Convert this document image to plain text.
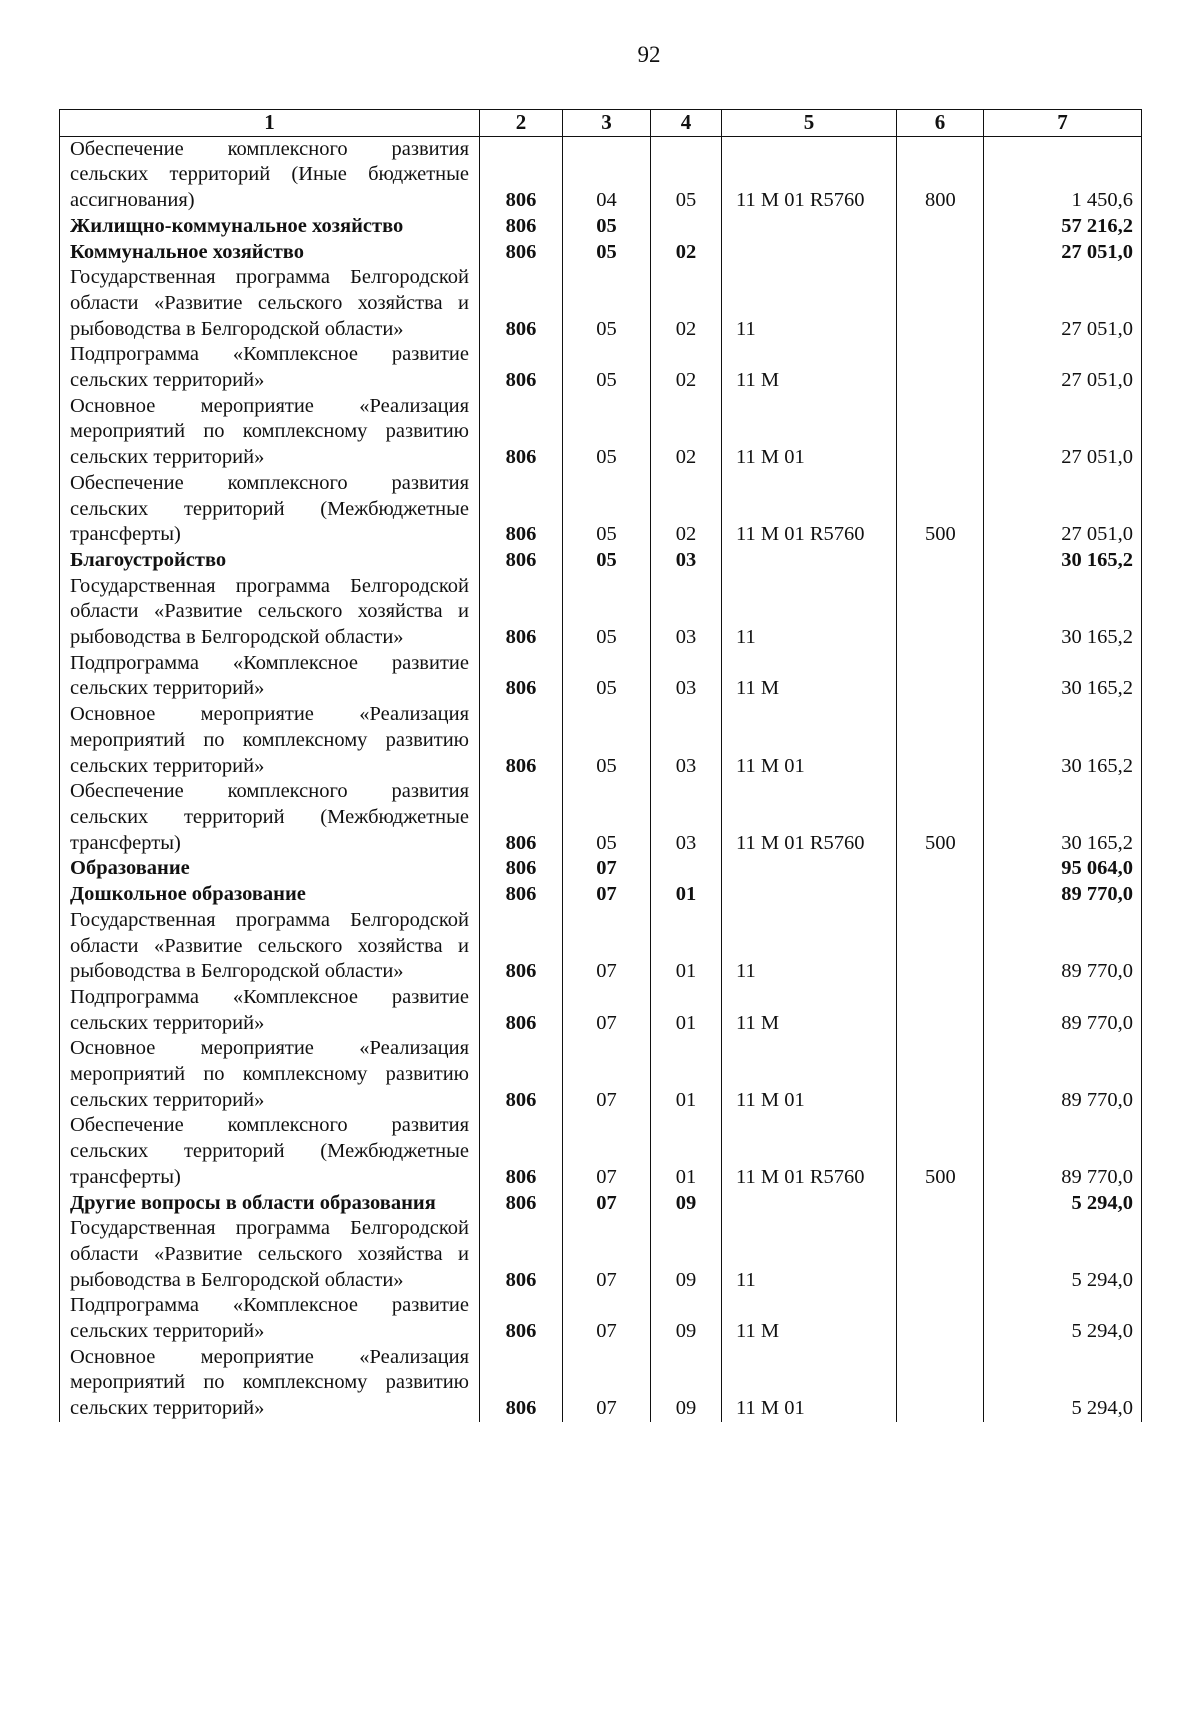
92
1	2	3	4	5	6	7
Обеспечение комплексного развития сельских территорий (Иные бюджетные ассигнования)	806	04	05	11 М 01 R5760	800	1 450,6
Жилищно-коммунальное хозяйство	806	05				57 216,2
Коммунальное хозяйство	806	05	02			27 051,0
Государственная программа Белгородской области «Развитие сельского хозяйства и рыбоводства в Белгородской области»	806	05	02	11		27 051,0
Подпрограмма «Комплексное развитие сельских территорий»	806	05	02	11 М		27 051,0
Основное мероприятие «Реализация мероприятий по комплексному развитию сельских территорий»	806	05	02	11 М 01		27 051,0
Обеспечение комплексного развития сельских территорий (Межбюджетные трансферты)	806	05	02	11 М 01 R5760	500	27 051,0
Благоустройство	806	05	03			30 165,2
Государственная программа Белгородской области «Развитие сельского хозяйства и рыбоводства в Белгородской области»	806	05	03	11		30 165,2
Подпрограмма «Комплексное развитие сельских территорий»	806	05	03	11 М		30 165,2
Основное мероприятие «Реализация мероприятий по комплексному развитию сельских территорий»	806	05	03	11 М 01		30 165,2
Обеспечение комплексного развития сельских территорий (Межбюджетные трансферты)	806	05	03	11 М 01 R5760	500	30 165,2
Образование	806	07				95 064,0
Дошкольное образование	806	07	01			89 770,0
Государственная программа Белгородской области «Развитие сельского хозяйства и рыбоводства в Белгородской области»	806	07	01	11		89 770,0
Подпрограмма «Комплексное развитие сельских территорий»	806	07	01	11 М		89 770,0
Основное мероприятие «Реализация мероприятий по комплексному развитию сельских территорий»	806	07	01	11 М 01		89 770,0
Обеспечение комплексного развития сельских территорий (Межбюджетные трансферты)	806	07	01	11 М 01 R5760	500	89 770,0
Другие вопросы в области образования	806	07	09			5 294,0
Государственная программа Белгородской области «Развитие сельского хозяйства и рыбоводства в Белгородской области»	806	07	09	11		5 294,0
Подпрограмма «Комплексное развитие сельских территорий»	806	07	09	11 М		5 294,0
Основное мероприятие «Реализация мероприятий по комплексному развитию сельских территорий»	806	07	09	11 М 01		5 294,0
